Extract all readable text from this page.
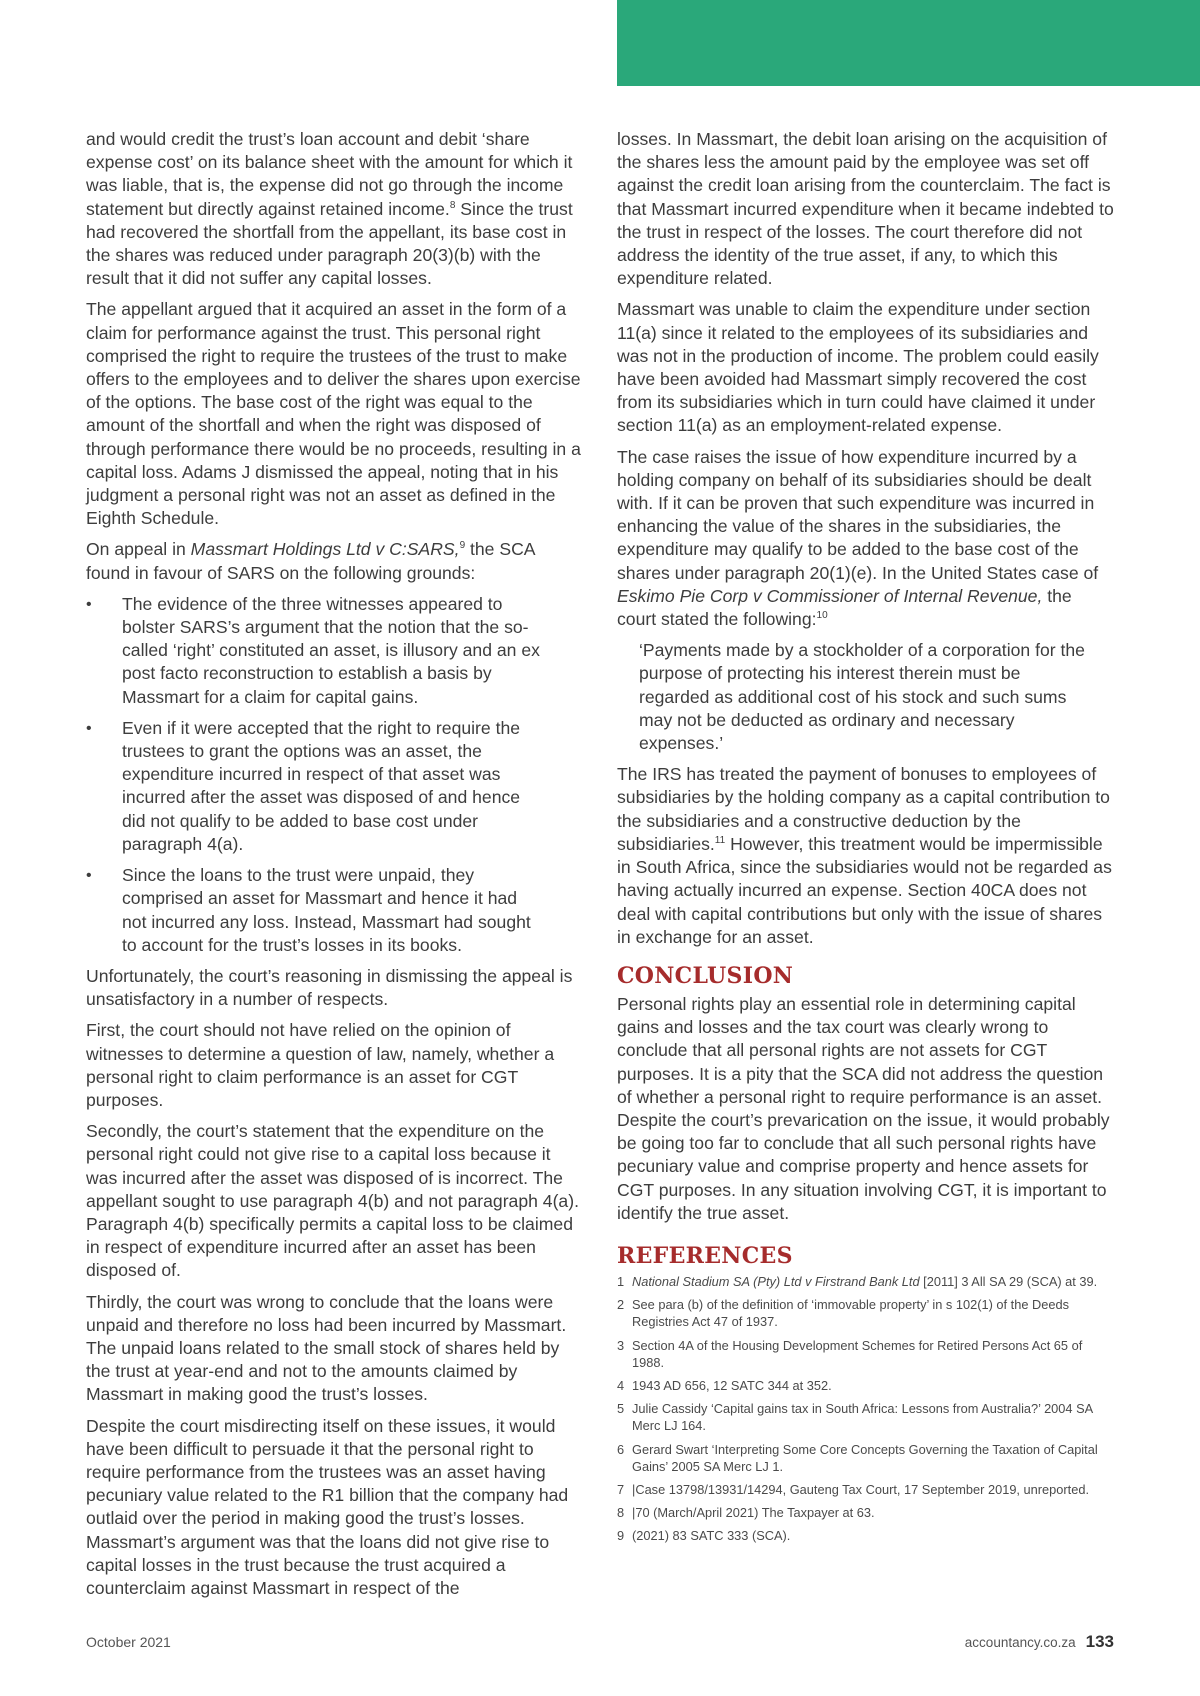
and would credit the trust’s loan account and debit ‘share expense cost’ on its balance sheet with the amount for which it was liable, that is, the expense did not go through the income statement but directly against retained income.$^8$ Since the trust had recovered the shortfall from the appellant, its base cost in the shares was reduced under paragraph 20(3)(b) with the result that it did not suffer any capital losses.

The appellant argued that it acquired an asset in the form of a claim for performance against the trust. This personal right comprised the right to require the trustees of the trust to make offers to the employees and to deliver the shares upon exercise of the options. The base cost of the right was equal to the amount of the shortfall and when the right was disposed of through performance there would be no proceeds, resulting in a capital loss. Adams J dismissed the appeal, noting that in his judgment a personal right was not an asset as defined in the Eighth Schedule.

On appeal in Massmart Holdings Ltd v C:SARS,$^9$ the SCA found in favour of SARS on the following grounds:

• The evidence of the three witnesses appeared to bolster SARS’s argument that the notion that the so-called ‘right’ constituted an asset, is illusory and an ex post facto reconstruction to establish a basis by Massmart for a claim for capital gains.
• Even if it were accepted that the right to require the trustees to grant the options was an asset, the expenditure incurred in respect of that asset was incurred after the asset was disposed of and hence did not qualify to be added to base cost under paragraph 4(a).
• Since the loans to the trust were unpaid, they comprised an asset for Massmart and hence it had not incurred any loss. Instead, Massmart had sought to account for the trust’s losses in its books.

Unfortunately, the court’s reasoning in dismissing the appeal is unsatisfactory in a number of respects.

First, the court should not have relied on the opinion of witnesses to determine a question of law, namely, whether a personal right to claim performance is an asset for CGT purposes.

Secondly, the court’s statement that the expenditure on the personal right could not give rise to a capital loss because it was incurred after the asset was disposed of is incorrect. The appellant sought to use paragraph 4(b) and not paragraph 4(a). Paragraph 4(b) specifically permits a capital loss to be claimed in respect of expenditure incurred after an asset has been disposed of.

Thirdly, the court was wrong to conclude that the loans were unpaid and therefore no loss had been incurred by Massmart. The unpaid loans related to the small stock of shares held by the trust at year-end and not to the amounts claimed by Massmart in making good the trust’s losses.

Despite the court misdirecting itself on these issues, it would have been difficult to persuade it that the personal right to require performance from the trustees was an asset having pecuniary value related to the R1 billion that the company had outlaid over the period in making good the trust’s losses. Massmart’s argument was that the loans did not give rise to capital losses in the trust because the trust acquired a counterclaim against Massmart in respect of the

losses. In Massmart, the debit loan arising on the acquisition of the shares less the amount paid by the employee was set off against the credit loan arising from the counterclaim. The fact is that Massmart incurred expenditure when it became indebted to the trust in respect of the losses. The court therefore did not address the identity of the true asset, if any, to which this expenditure related.

Massmart was unable to claim the expenditure under section 11(a) since it related to the employees of its subsidiaries and was not in the production of income. The problem could easily have been avoided had Massmart simply recovered the cost from its subsidiaries which in turn could have claimed it under section 11(a) as an employment-related expense.

The case raises the issue of how expenditure incurred by a holding company on behalf of its subsidiaries should be dealt with. If it can be proven that such expenditure was incurred in enhancing the value of the shares in the subsidiaries, the expenditure may qualify to be added to the base cost of the shares under paragraph 20(1)(e). In the United States case of Eskimo Pie Corp v Commissioner of Internal Revenue, the court stated the following:$^{10}$

‘Payments made by a stockholder of a corporation for the purpose of protecting his interest therein must be regarded as additional cost of his stock and such sums may not be deducted as ordinary and necessary expenses.’

The IRS has treated the payment of bonuses to employees of subsidiaries by the holding company as a capital contribution to the subsidiaries and a constructive deduction by the subsidiaries.$^{11}$ However, this treatment would be impermissible in South Africa, since the subsidiaries would not be regarded as having actually incurred an expense. Section 40CA does not deal with capital contributions but only with the issue of shares in exchange for an asset.

CONCLUSION

Personal rights play an essential role in determining capital gains and losses and the tax court was clearly wrong to conclude that all personal rights are not assets for CGT purposes. It is a pity that the SCA did not address the question of whether a personal right to require performance is an asset. Despite the court’s prevarication on the issue, it would probably be going too far to conclude that all such personal rights have pecuniary value and comprise property and hence assets for CGT purposes. In any situation involving CGT, it is important to identify the true asset.

REFERENCES
1 National Stadium SA (Pty) Ltd v Firstrand Bank Ltd [2011] 3 All SA 29 (SCA) at 39.
2 See para (b) of the definition of ‘immovable property’ in s 102(1) of the Deeds Registries Act 47 of 1937.
3 Section 4A of the Housing Development Schemes for Retired Persons Act 65 of 1988.
4 1943 AD 656, 12 SATC 344 at 352.
5 Julie Cassidy ‘Capital gains tax in South Africa: Lessons from Australia?’ 2004 SA Merc LJ 164.
6 Gerard Swart ‘Interpreting Some Core Concepts Governing the Taxation of Capital Gains’ 2005 SA Merc LJ 1.
7 |Case 13798/13931/14294, Gauteng Tax Court, 17 September 2019, unreported.
8 |70 (March/April 2021) The Taxpayer at 63.
9 (2021) 83 SATC 333 (SCA).
October 2021	accountancy.co.za 133
